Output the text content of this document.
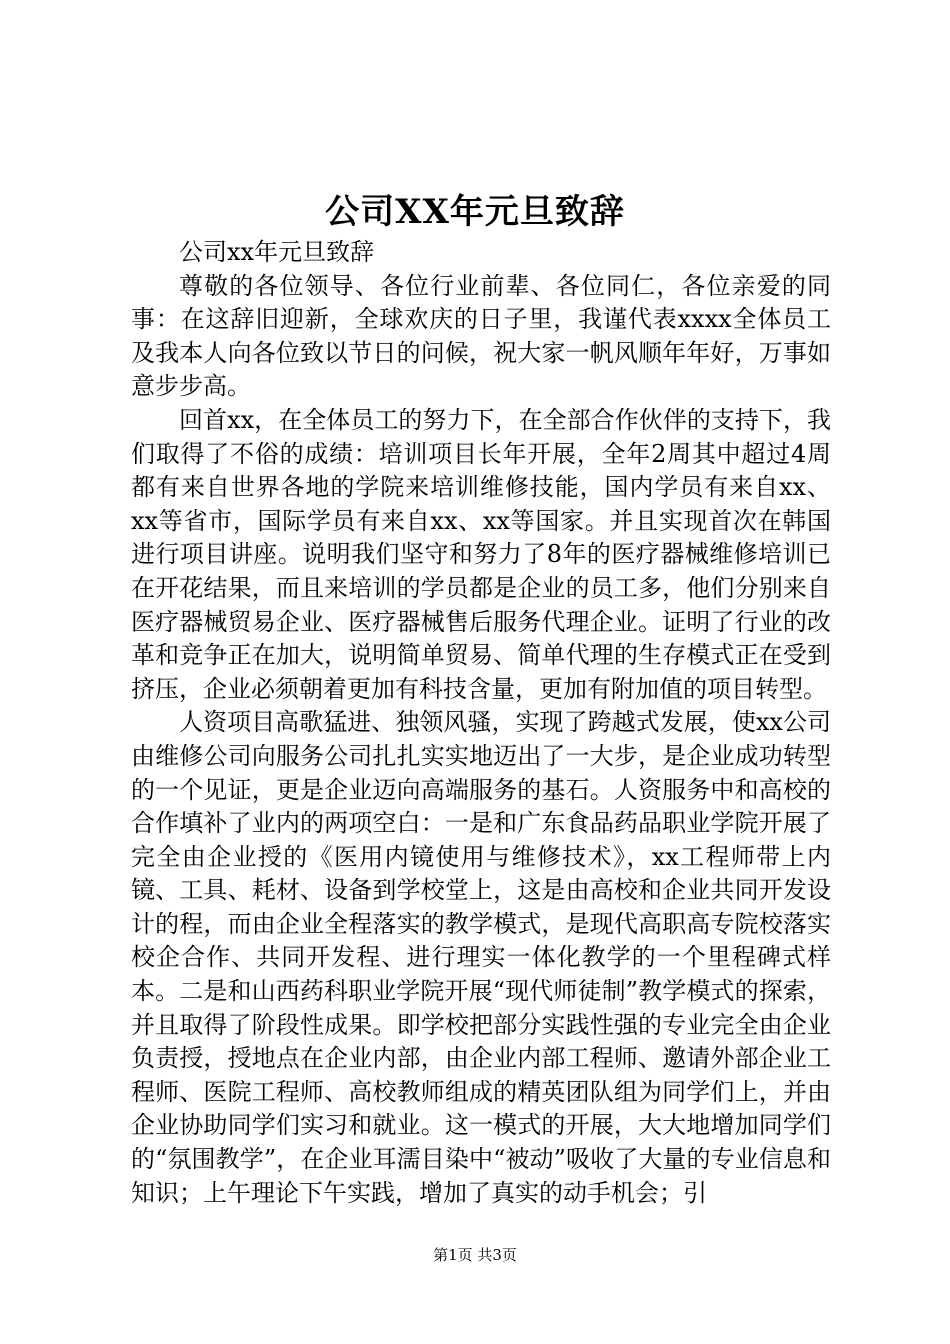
公司XX年元旦致辞

公司xx年元旦致辞

尊敬的各位领导、各位行业前辈、各位同仁，各位亲爱的同事：在这辞旧迎新，全球欢庆的日子里，我谨代表xxxx全体员工及我本人向各位致以节日的问候，祝大家一帆风顺年年好，万事如意步步高。

回首xx，在全体员工的努力下，在全部合作伙伴的支持下，我们取得了不俗的成绩：培训项目长年开展，全年2周其中超过4周都有来自世界各地的学院来培训维修技能，国内学员有来自xx、xx等省市，国际学员有来自xx、xx等国家。并且实现首次在韩国进行项目讲座。说明我们坚守和努力了8年的医疗器械维修培训已在开花结果，而且来培训的学员都是企业的员工多，他们分别来自医疗器械贸易企业、医疗器械售后服务代理企业。证明了行业的改革和竞争正在加大，说明简单贸易、简单代理的生存模式正在受到挤压，企业必须朝着更加有科技含量，更加有附加值的项目转型。

人资项目高歌猛进、独领风骚，实现了跨越式发展，使xx公司由维修公司向服务公司扎扎实实地迈出了一大步，是企业成功转型的一个见证，更是企业迈向高端服务的基石。人资服务中和高校的合作填补了业内的两项空白：一是和广东食品药品职业学院开展了完全由企业授的《医用内镜使用与维修技术》，xx工程师带上内镜、工具、耗材、设备到学校堂上，这是由高校和企业共同开发设计的程，而由企业全程落实的教学模式，是现代高职高专院校落实校企合作、共同开发程、进行理实一体化教学的一个里程碑式样本。二是和山西药科职业学院开展“现代师徒制”教学模式的探索，并且取得了阶段性成果。即学校把部分实践性强的专业完全由企业负责授，授地点在企业内部，由企业内部工程师、邀请外部企业工程师、医院工程师、高校教师组成的精英团队组为同学们上，并由企业协助同学们实习和就业。这一模式的开展，大大地增加同学们的“氛围教学”，在企业耳濡目染中“被动”吸收了大量的专业信息和知识；上午理论下午实践，增加了真实的动手机会；引

第1页 共3页
